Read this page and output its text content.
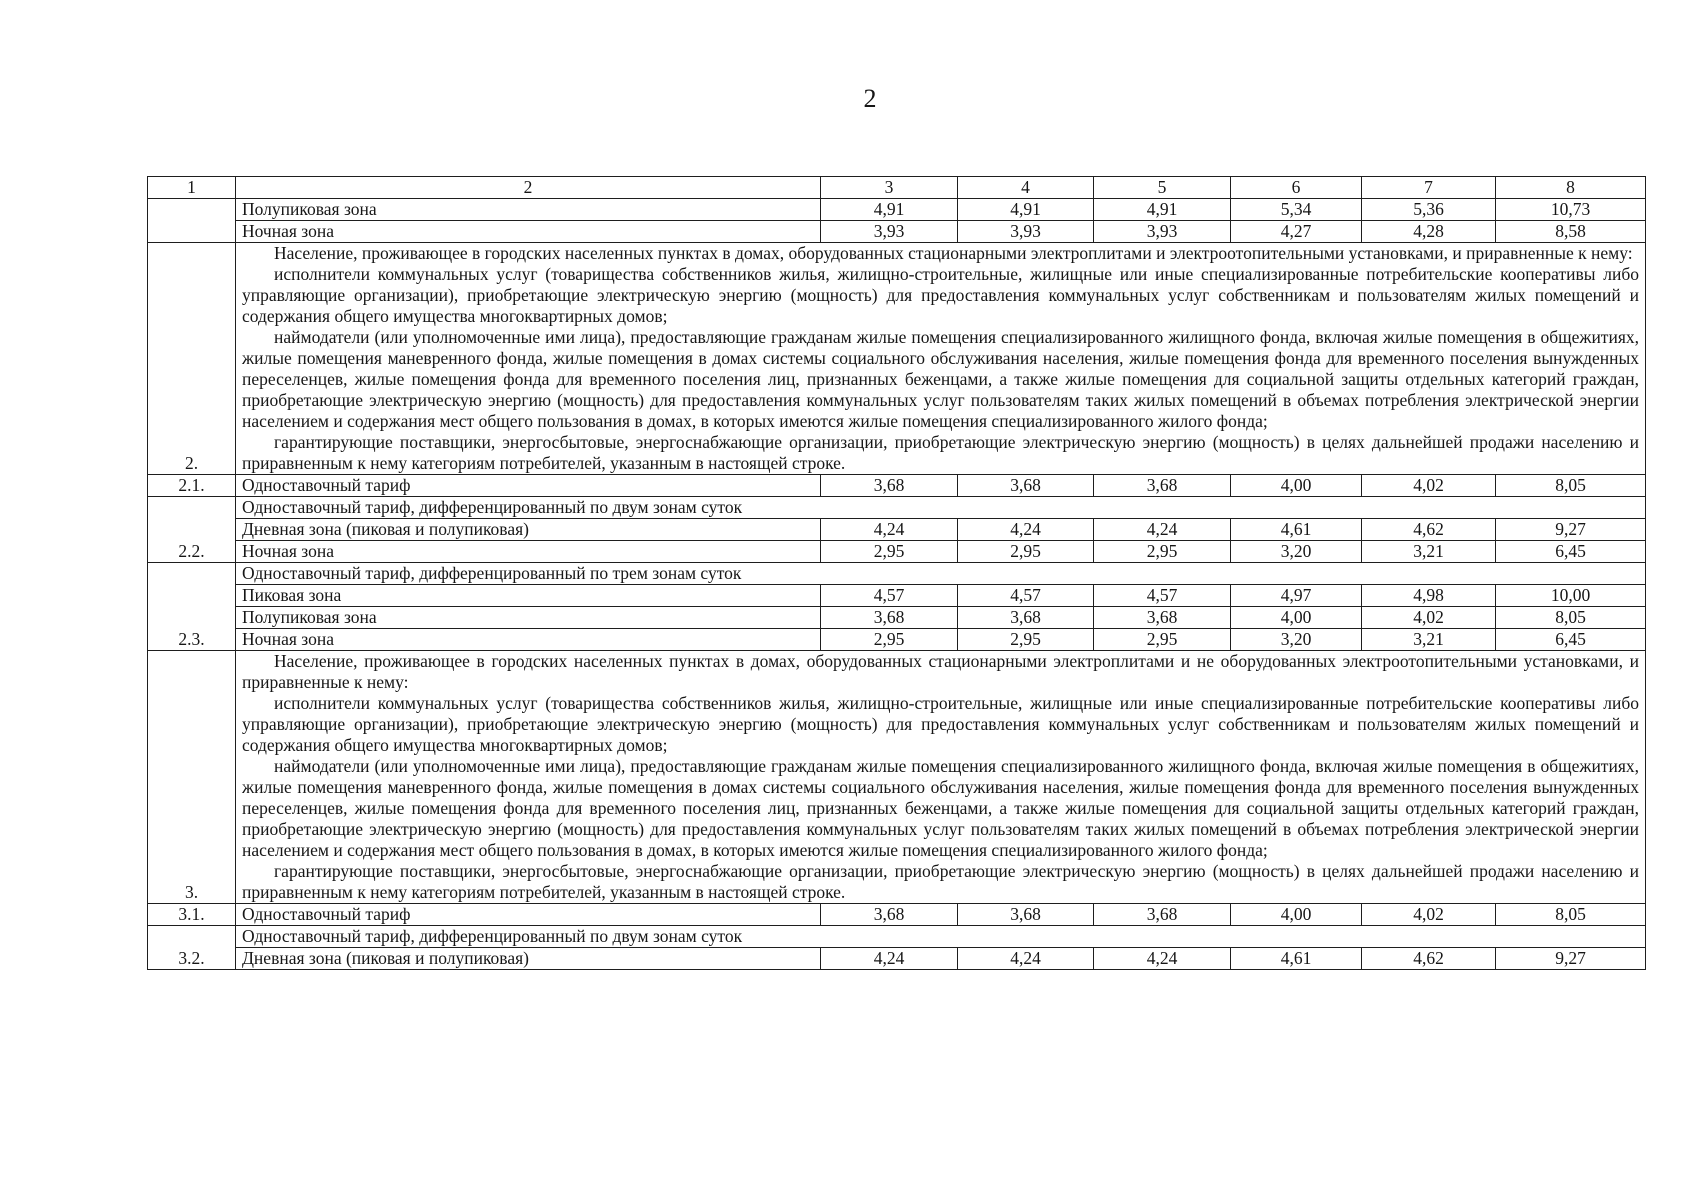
2
1	2	3	4	5	6	7	8
	Полупиковая зона	4,91	4,91	4,91	5,34	5,36	10,73
	Ночная зона	3,93	3,93	3,93	4,27	4,28	8,58
2.	Население, проживающее в городских населенных пунктах в домах, оборудованных стационарными электроплитами и электроотопительными установками, и приравненные к нему:

исполнители коммунальных услуг (товарищества собственников жилья, жилищно-строительные, жилищные или иные специализированные потребительские кооперативы либо управляющие организации), приобретающие электрическую энергию (мощность) для предоставления коммунальных услуг собственникам и пользователям жилых помещений и содержания общего имущества многоквартирных домов;

наймодатели (или уполномоченные ими лица), предоставляющие гражданам жилые помещения специализированного жилищного фонда, включая жилые помещения в общежитиях, жилые помещения маневренного фонда, жилые помещения в домах системы социального обслуживания населения, жилые помещения фонда для временного поселения вынужденных переселенцев, жилые помещения фонда для временного поселения лиц, признанных беженцами, а также жилые помещения для социальной защиты отдельных категорий граждан, приобретающие электрическую энергию (мощность) для предоставления коммунальных услуг пользователям таких жилых помещений в объемах потребления электрической энергии населением и содержания мест общего пользования в домах, в которых имеются жилые помещения специализированного жилого фонда;

гарантирующие поставщики, энергосбытовые, энергоснабжающие организации, приобретающие электрическую энергию (мощность) в целях дальнейшей продажи населению и приравненным к нему категориям потребителей, указанным в настоящей строке.						

2.1.	Одноставочный тариф	3,68	3,68	3,68	4,00	4,02	8,05
2.2.	Одноставочный тариф, дифференцированный по двум зонам суток						
	Дневная зона (пиковая и полупиковая)	4,24	4,24	4,24	4,61	4,62	9,27
	Ночная зона	2,95	2,95	2,95	3,20	3,21	6,45
2.3.	Одноставочный тариф, дифференцированный по трем зонам суток						
	Пиковая зона	4,57	4,57	4,57	4,97	4,98	10,00
	Полупиковая зона	3,68	3,68	3,68	4,00	4,02	8,05
	Ночная зона	2,95	2,95	2,95	3,20	3,21	6,45
3.	Население, проживающее в городских населенных пунктах в домах, оборудованных стационарными электроплитами и не оборудованных электроотопительными установками, и приравненные к нему:

исполнители коммунальных услуг (товарищества собственников жилья, жилищно-строительные, жилищные или иные специализированные потребительские кооперативы либо управляющие организации), приобретающие электрическую энергию (мощность) для предоставления коммунальных услуг собственникам и пользователям жилых помещений и содержания общего имущества многоквартирных домов;

наймодатели (или уполномоченные ими лица), предоставляющие гражданам жилые помещения специализированного жилищного фонда, включая жилые помещения в общежитиях, жилые помещения маневренного фонда, жилые помещения в домах системы социального обслуживания населения, жилые помещения фонда для временного поселения вынужденных переселенцев, жилые помещения фонда для временного поселения лиц, признанных беженцами, а также жилые помещения для социальной защиты отдельных категорий граждан, приобретающие электрическую энергию (мощность) для предоставления коммунальных услуг пользователям таких жилых помещений в объемах потребления электрической энергии населением и содержания мест общего пользования в домах, в которых имеются жилые помещения специализированного жилого фонда;

гарантирующие поставщики, энергосбытовые, энергоснабжающие организации, приобретающие электрическую энергию (мощность) в целях дальнейшей продажи населению и приравненным к нему категориям потребителей, указанным в настоящей строке.						

3.1.	Одноставочный тариф	3,68	3,68	3,68	4,00	4,02	8,05
3.2.	Одноставочный тариф, дифференцированный по двум зонам суток						
	Дневная зона (пиковая и полупиковая)	4,24	4,24	4,24	4,61	4,62	9,27
